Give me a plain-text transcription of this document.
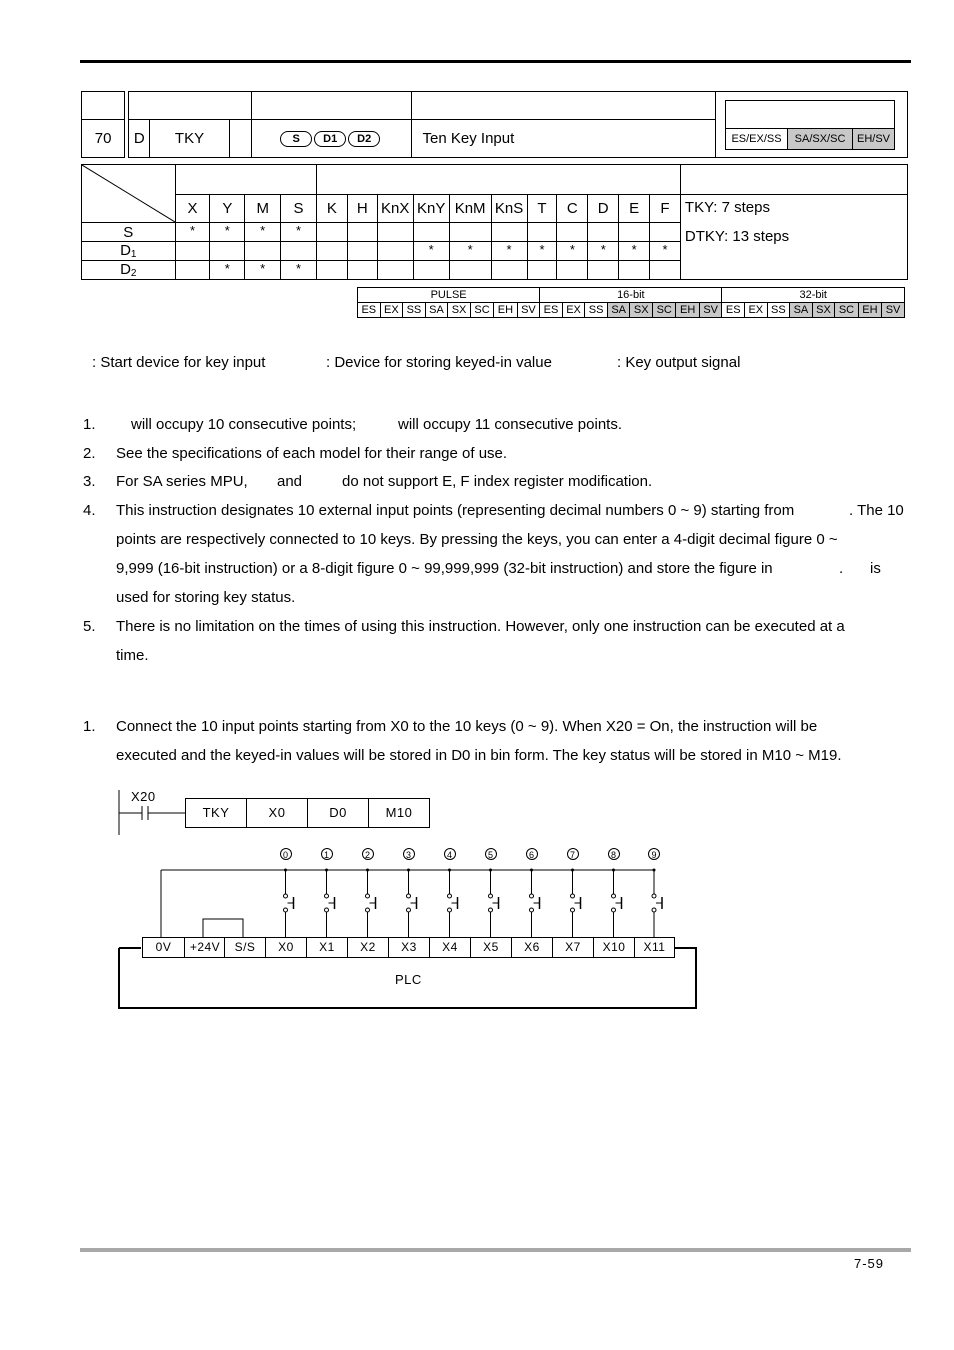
70		D	TKY		S D1 D2	Ten Key Input	ES/EX/SS SA/SX/SC EH/SV

	X	Y	M	S	K	H	KnX	KnY	KnM	KnS	T	C	D	E	F	TKY: 7 steps
DTKY: 13 steps

S	*	*	*	*												
$D_1$								*	*	*	*	*	*	*	*	
$D_2$		*	*	*												
PULSE								16-bit								32-bit							
ES	EX	SS	SA	SX	SC	EH	SV	ES	EX	SS	SA	SX	SC	EH	SV	ES	EX	SS	SA	SX	SC	EH	SV
: Start device for key input	: Device for storing keyed-in value	: Key output signal
1. will occupy 10 consecutive points;	will occupy 11 consecutive points.
2. See the specifications of each model for their range of use.
3. For SA series MPU, and	do not support E, F index register modification.
4. This instruction designates 10 external input points (representing decimal numbers 0 ~ 9) starting from	. The 10
points are respectively connected to 10 keys. By pressing the keys, you can enter a 4-digit decimal figure 0 ~
9,999 (16-bit instruction) or a 8-digit figure 0 ~ 99,999,999 (32-bit instruction) and store the figure in	. is
used for storing key status.
5. There is no limitation on the times of using this instruction. However, only one instruction can be executed at a
time.
1. Connect the 10 input points starting from X0 to the 10 keys (0 ~ 9). When X20 = On, the instruction will be
executed and the keyed-in values will be stored in D0 in bin form. The key status will be stored in M10 ~ M19.
X20
TKY	X0	D0	M10
0	1	2	3	4	5	6	7	8	9
0V	+24V	S/S	X0	X1	X2	X3	X4	X5	X6	X7	X10	X11
PLC
7-59
